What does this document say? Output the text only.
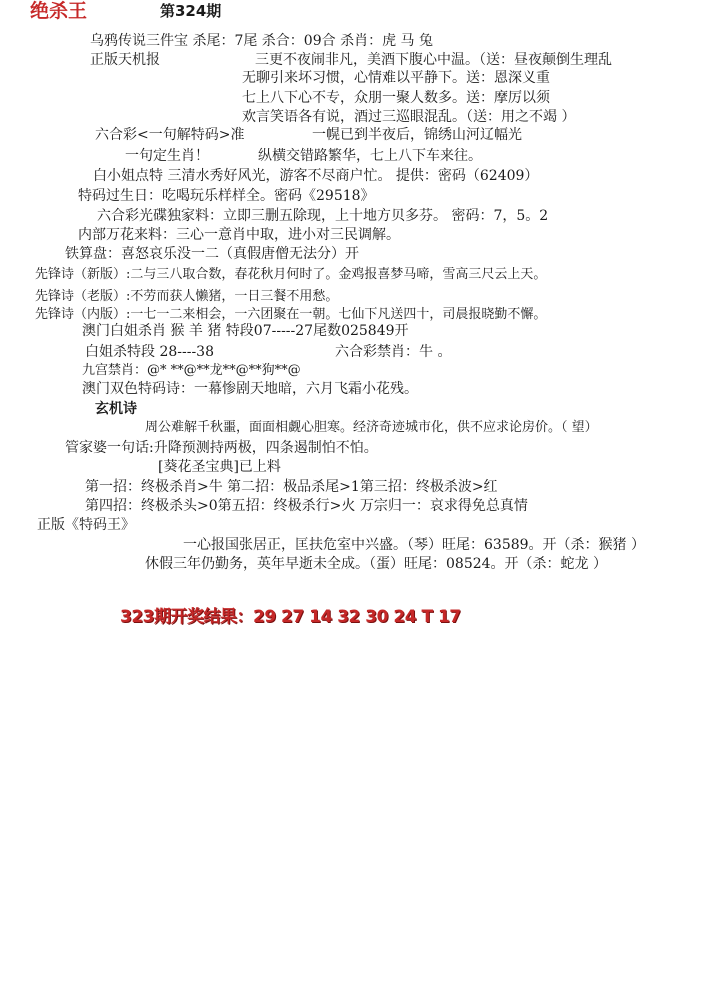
绝杀王	第324期
乌鸦传说三件宝 杀尾：7尾 杀合：09合 杀肖：虎 马 兔
正版天机报	三更不夜闹非凡，美酒下腹心中温。（送：昼夜颠倒生理乱
无聊引来坏习惯，心情难以平静下。送：恩深义重
七上八下心不专，众朋一聚人数多。送：摩厉以须
欢言笑语各有说，酒过三巡眼混乱。（送：用之不竭 ）
六合彩<一句解特码>准	一幌已到半夜后，锦绣山河辽幅光
一句定生肖！	纵横交错路繁华，七上八下车来往。
白小姐点特 三清水秀好风光，游客不尽商户忙。 提供：密码（62409）
特码过生日：吃喝玩乐样样全。密码《29518》
六合彩光碟独家料：立即三删五除现，上十地方贝多芬。 密码：7，5。2
内部万花来料：三心一意肖中取，进小对三民调解。
铁算盘：喜怒哀乐没一二（真假唐僧无法分）开
先锋诗（新版）:二与三八取合数，春花秋月何时了。金鸡报喜梦马啼，雪高三尺云上天。
先锋诗（老版）:不劳而获人懒猪，一日三餐不用愁。
先锋诗（内版）:一七一二来相会，一六团聚在一朝。七仙下凡送四十，司晨报晓勤不懈。
澳门白姐杀肖 猴 羊 猪 特段07-----27尾数025849开
白姐杀特段 28----38	六合彩禁肖：牛 。
九宫禁肖：@* **@**龙**@**狗**@
澳门双色特码诗：一幕惨剧天地暗，六月飞霜小花残。
玄机诗
周公难解千秋噩，面面相觑心胆寒。经济奇迹城市化，供不应求论房价。（ 望）
管家婆一句话:升降预测持两极，四条遏制怕不怕。
[葵花圣宝典]已上料
第一招：终极杀肖>牛 第二招：极品杀尾>1第三招：终极杀波>红
第四招：终极杀头>0第五招：终极杀行>火 万宗归一：哀求得免总真情
正版《特码王》
一心报国张居正，匡扶危室中兴盛。（琴）旺尾：63589。开（杀：猴猪 ）
休假三年仍勤务，英年早逝未全成。（蛋）旺尾：08524。开（杀：蛇龙 ）
323期开奖结果：29 27 14 32 30 24 T 17
